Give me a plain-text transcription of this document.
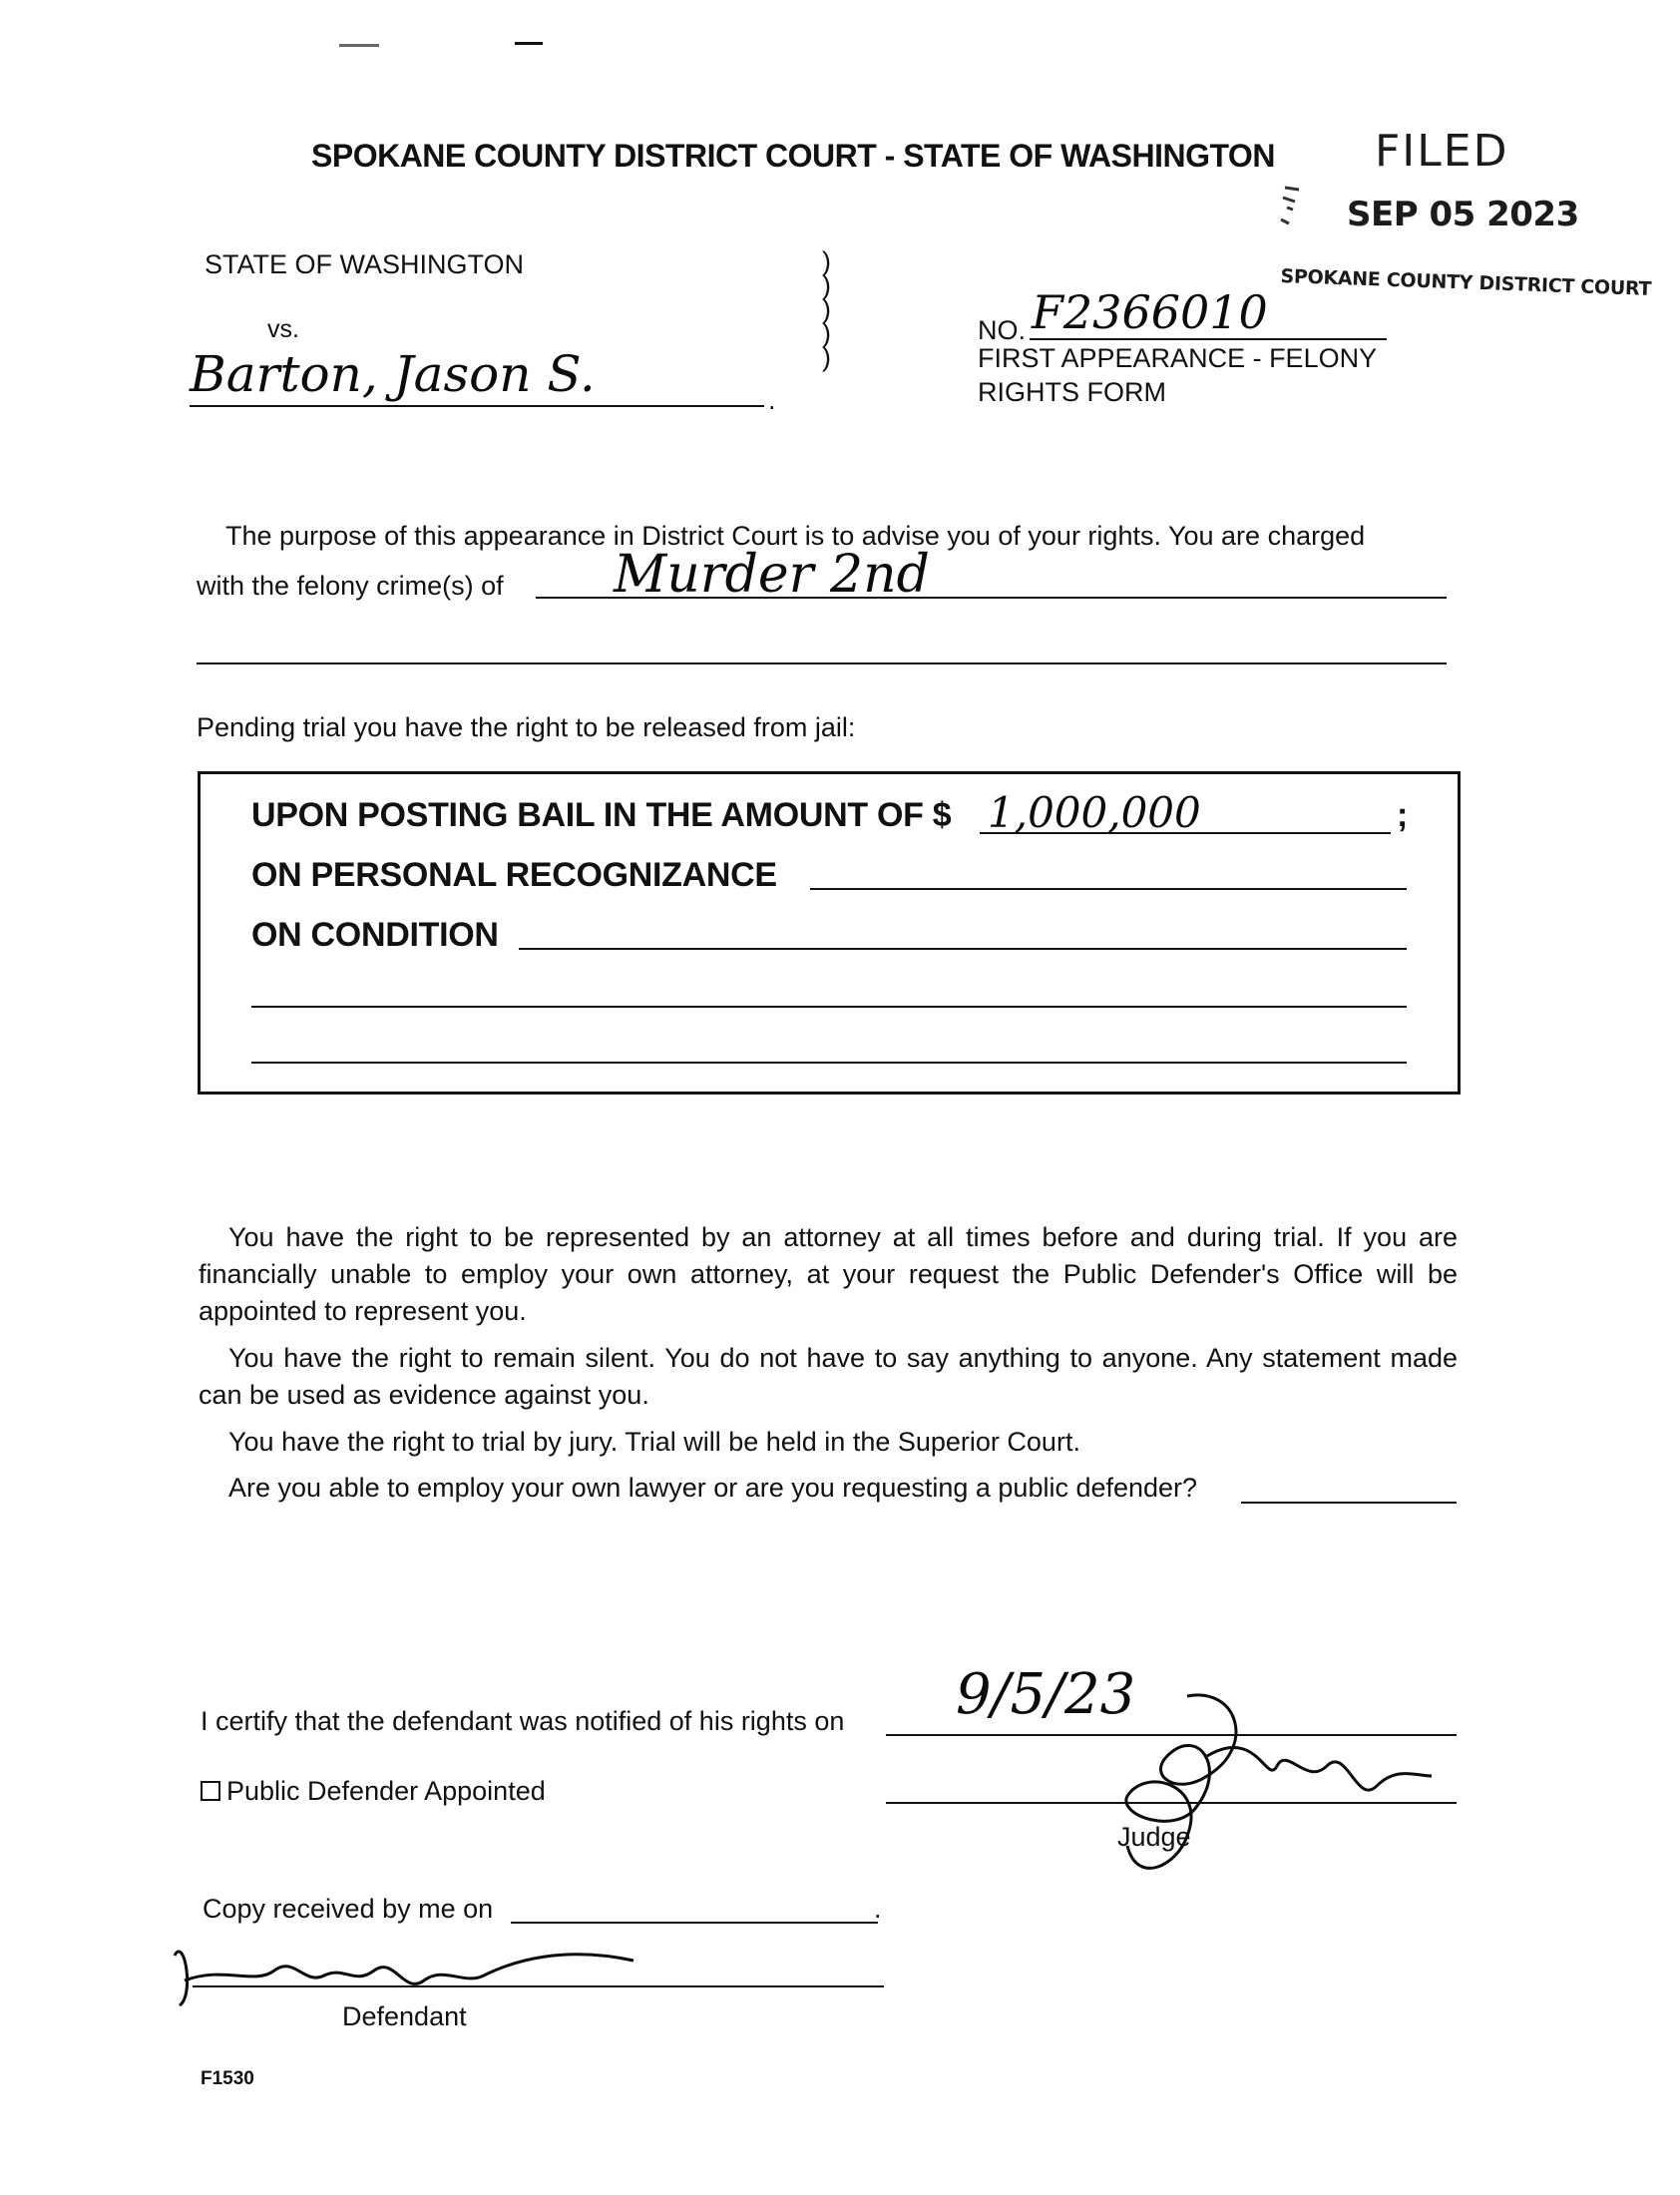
SPOKANE COUNTY DISTRICT COURT - STATE OF WASHINGTON FILED
SEP 05 2023
SPOKANE COUNTY DISTRICT COURT
STATE OF WASHINGTON
vs.
Barton, Jason S.	.
)
)
)
)
)
NO. F2366010
FIRST APPEARANCE - FELONY
RIGHTS FORM
The purpose of this appearance in District Court is to advise you of your rights. You are charged
with the felony crime(s) of Murder 2nd
Pending trial you have the right to be released from jail:
UPON POSTING BAIL IN THE AMOUNT OF $ 1,000,000	;
ON PERSONAL RECOGNIZANCE
ON CONDITION

You have the right to be represented by an attorney at all times before and during trial. If you are financially unable to employ your own attorney, at your request the Public Defender's Office will be appointed to represent you.

You have the right to remain silent. You do not have to say anything to anyone. Any statement made can be used as evidence against you.

You have the right to trial by jury. Trial will be held in the Superior Court.

Are you able to employ your own lawyer or are you requesting a public defender?
I certify that the defendant was notified of his rights on 9/5/23
Public Defender Appointed
Judge
Copy received by me on	.
Defendant
F1530
